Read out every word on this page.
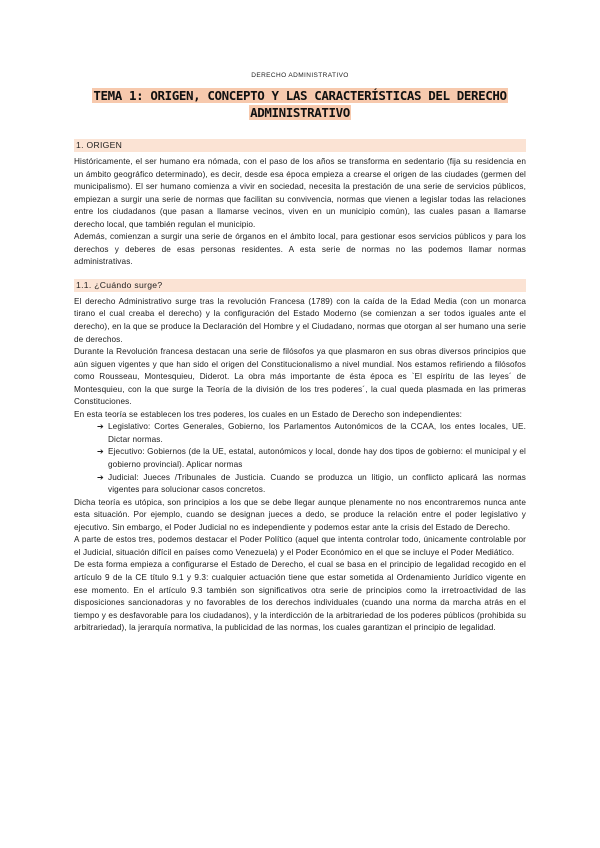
DERECHO ADMINISTRATIVO
TEMA 1: ORIGEN, CONCEPTO Y LAS CARACTERÍSTICAS DEL DERECHO ADMINISTRATIVO
1. ORIGEN

Históricamente, el ser humano era nómada, con el paso de los años se transforma en sedentario (fija su residencia en un ámbito geográfico determinado), es decir, desde esa época empieza a crearse el origen de las ciudades (germen del municipalismo). El ser humano comienza a vivir en sociedad, necesita la prestación de una serie de servicios públicos, empiezan a surgir una serie de normas que facilitan su convivencia, normas que vienen a legislar todas las relaciones entre los ciudadanos (que pasan a llamarse vecinos, viven en un municipio común), las cuales pasan a llamarse derecho local, que también regulan el municipio.

Además, comienzan a surgir una serie de órganos en el ámbito local, para gestionar esos servicios públicos y para los derechos y deberes de esas personas residentes. A esta serie de normas no las podemos llamar normas administrativas.

1.1. ¿Cuándo surge?

El derecho Administrativo surge tras la revolución Francesa (1789) con la caída de la Edad Media (con un monarca tirano el cual creaba el derecho) y la configuración del Estado Moderno (se comienzan a ser todos iguales ante el derecho), en la que se produce la Declaración del Hombre y el Ciudadano, normas que otorgan al ser humano una serie de derechos.

Durante la Revolución francesa destacan una serie de filósofos ya que plasmaron en sus obras diversos principios que aún siguen vigentes y que han sido el origen del Constitucionalismo a nivel mundial. Nos estamos refiriendo a filósofos como Rousseau, Montesquieu, Diderot. La obra más importante de ésta época es `El espíritu de las leyes´ de Montesquieu, con la que surge la Teoría de la división de los tres poderes´, la cual queda plasmada en las primeras Constituciones.

En esta teoría se establecen los tres poderes, los cuales en un Estado de Derecho son independientes:

➔ Legislativo: Cortes Generales, Gobierno, los Parlamentos Autonómicos de la CCAA, los entes locales, UE. Dictar normas.
➔ Ejecutivo: Gobiernos (de la UE, estatal, autonómicos y local, donde hay dos tipos de gobierno: el municipal y el gobierno provincial). Aplicar normas
➔ Judicial: Jueces /Tribunales de Justicia. Cuando se produzca un litigio, un conflicto aplicará las normas vigentes para solucionar casos concretos.

Dicha teoría es utópica, son principios a los que se debe llegar aunque plenamente no nos encontraremos nunca ante esta situación. Por ejemplo, cuando se designan jueces a dedo, se produce la relación entre el poder legislativo y ejecutivo. Sin embargo, el Poder Judicial no es independiente y podemos estar ante la crisis del Estado de Derecho.

A parte de estos tres, podemos destacar el Poder Político (aquel que intenta controlar todo, únicamente controlable por el Judicial, situación difícil en países como Venezuela) y el Poder Económico en el que se incluye el Poder Mediático.

De esta forma empieza a configurarse el Estado de Derecho, el cual se basa en el principio de legalidad recogido en el artículo 9 de la CE título 9.1 y 9.3: cualquier actuación tiene que estar sometida al Ordenamiento Jurídico vigente en ese momento. En el artículo 9.3 también son significativos otra serie de principios como la irretroactividad de las disposiciones sancionadoras y no favorables de los derechos individuales (cuando una norma da marcha atrás en el tiempo y es desfavorable para los ciudadanos), y la interdicción de la arbitrariedad de los poderes públicos (prohibida su arbitrariedad), la jerarquía normativa, la publicidad de las normas, los cuales garantizan el principio de legalidad.
